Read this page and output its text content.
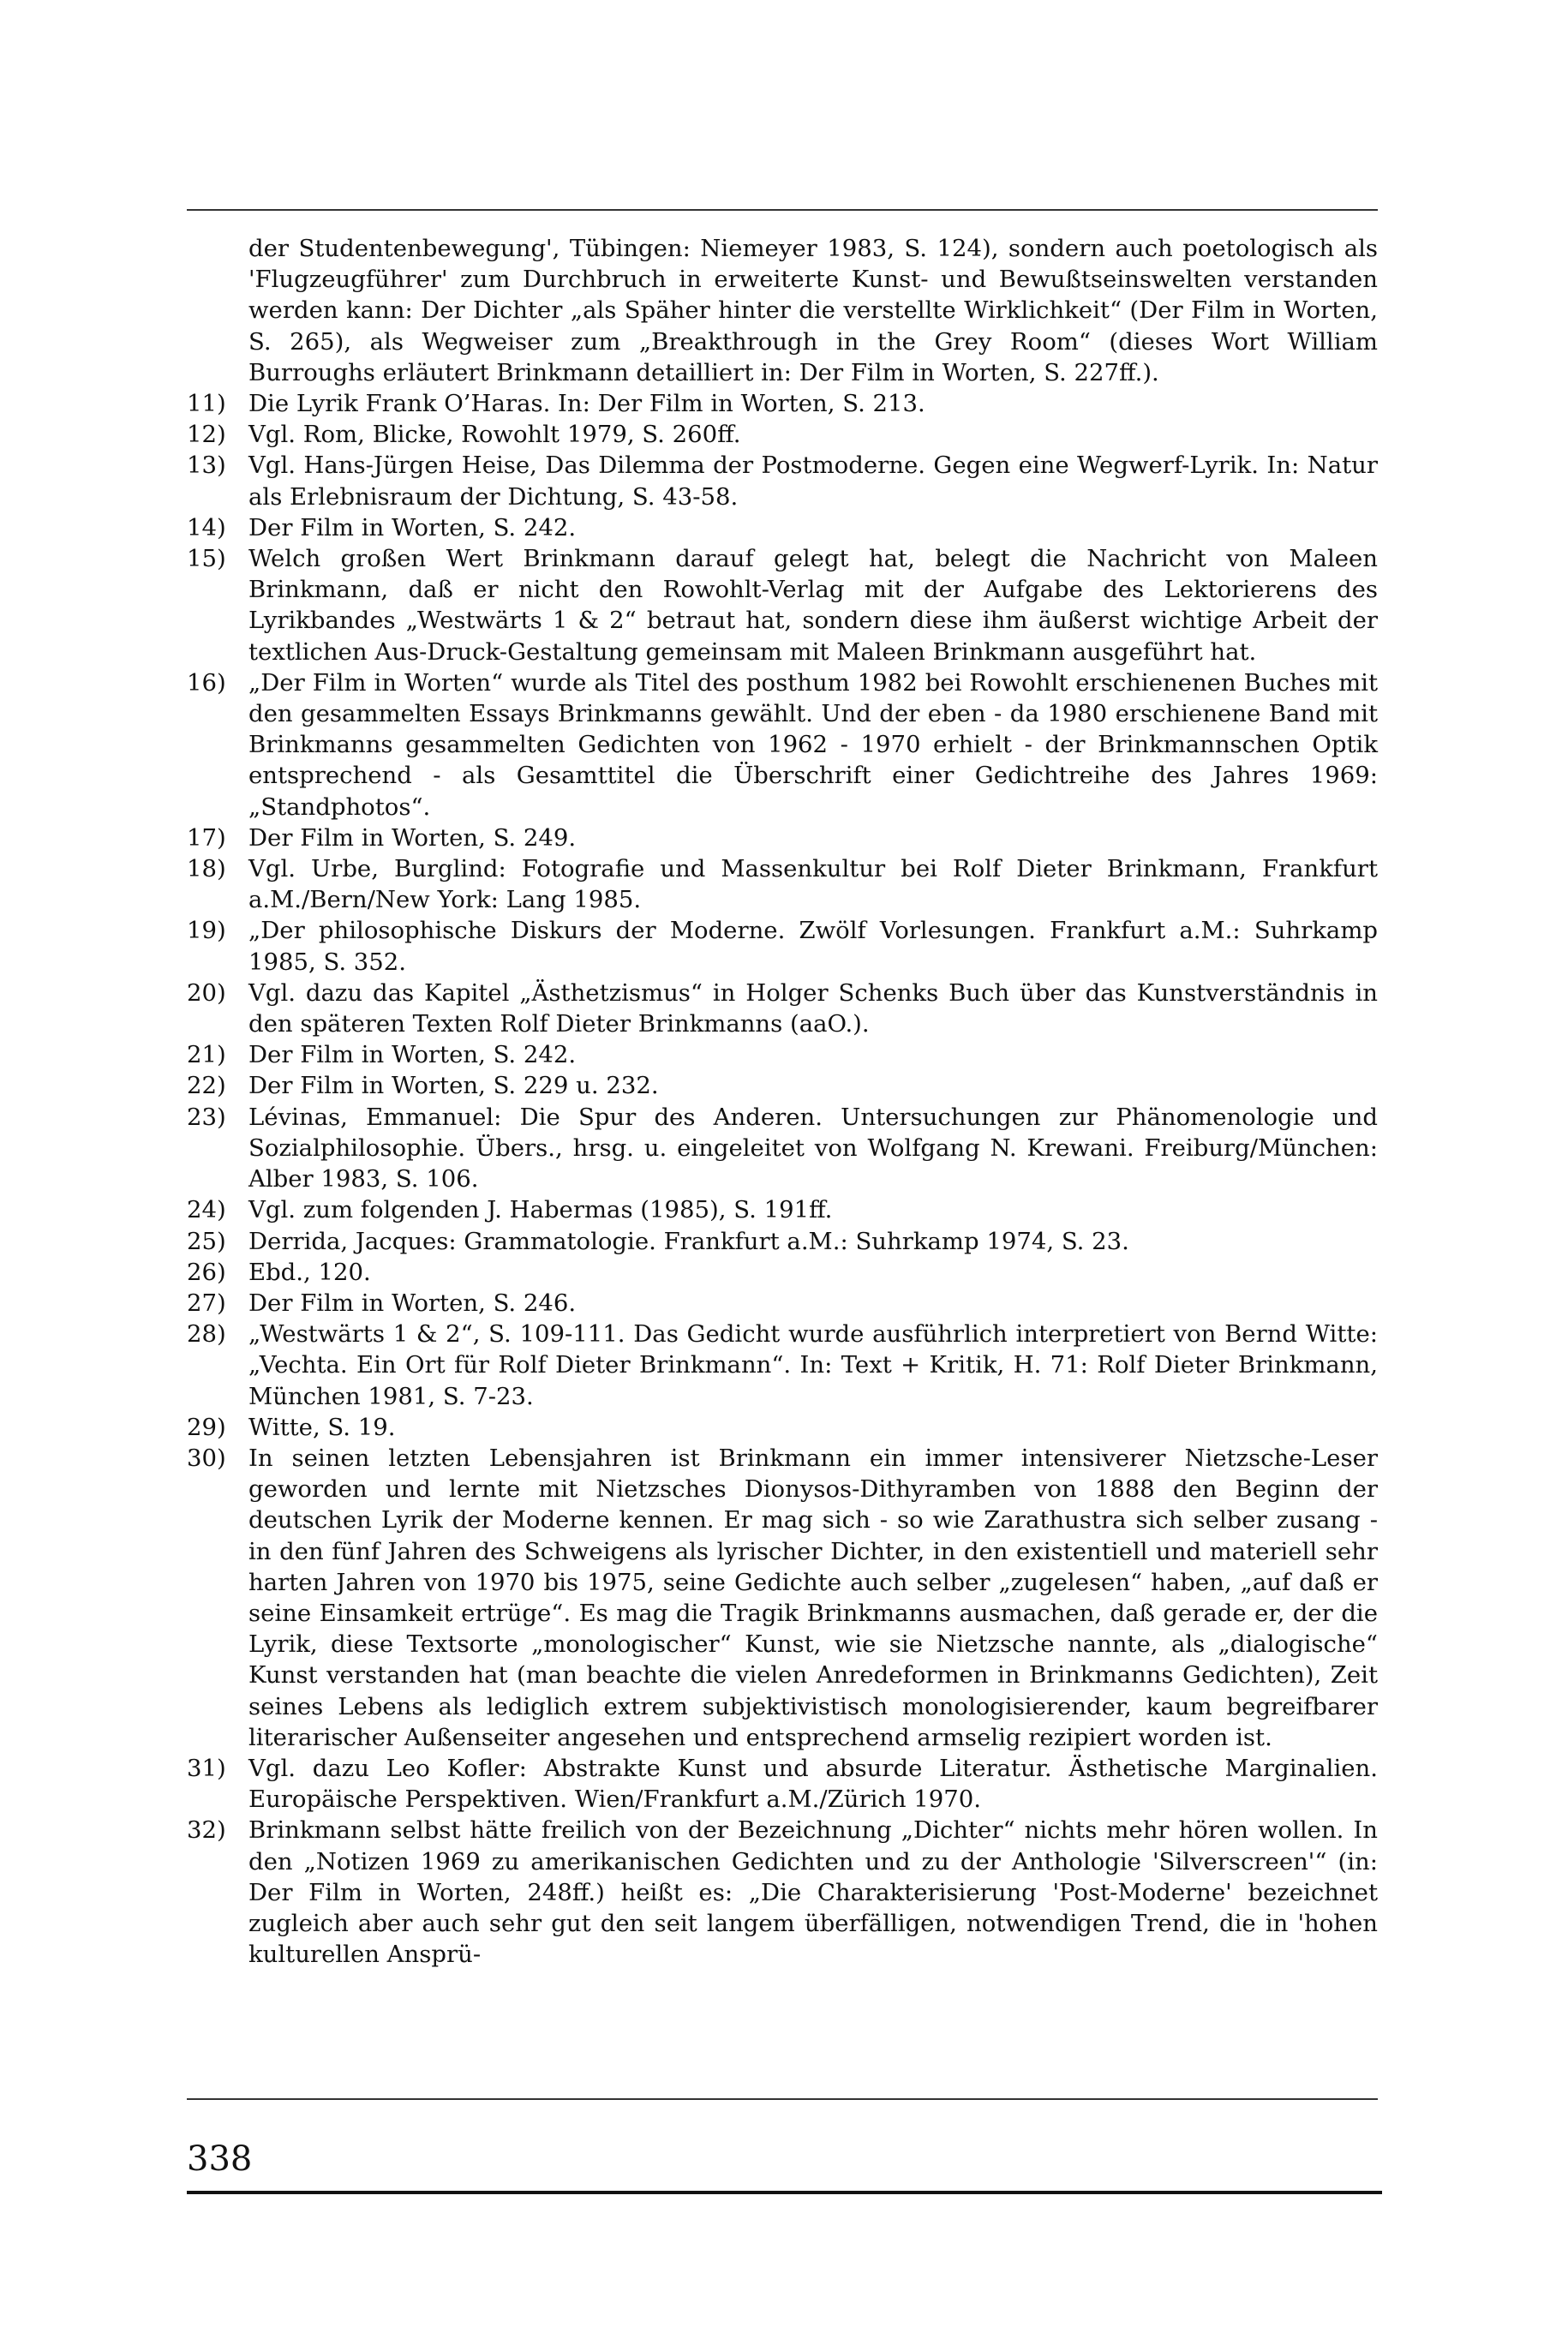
der Studentenbewegung', Tübingen: Niemeyer 1983, S. 124), sondern auch poetologisch als 'Flugzeugführer' zum Durchbruch in erweiterte Kunst- und Bewußtseinswelten verstanden werden kann: Der Dichter „als Späher hinter die verstellte Wirklichkeit“ (Der Film in Worten, S. 265), als Wegweiser zum „Breakthrough in the Grey Room“ (dieses Wort William Burroughs erläutert Brinkmann detailliert in: Der Film in Worten, S. 227ff.).
11) Die Lyrik Frank O’Haras. In: Der Film in Worten, S. 213.
12) Vgl. Rom, Blicke, Rowohlt 1979, S. 260ff.
13) Vgl. Hans-Jürgen Heise, Das Dilemma der Postmoderne. Gegen eine Wegwerf-Lyrik. In: Natur als Erlebnisraum der Dichtung, S. 43-58.
14) Der Film in Worten, S. 242.
15) Welch großen Wert Brinkmann darauf gelegt hat, belegt die Nachricht von Maleen Brinkmann, daß er nicht den Rowohlt-Verlag mit der Aufgabe des Lektorierens des Lyrikbandes „Westwärts 1 & 2“ betraut hat, sondern diese ihm äußerst wichtige Arbeit der textlichen Aus-Druck-Gestaltung gemeinsam mit Maleen Brinkmann ausgeführt hat.
16) „Der Film in Worten“ wurde als Titel des posthum 1982 bei Rowohlt erschienenen Buches mit den gesammelten Essays Brinkmanns gewählt. Und der eben - da 1980 erschienene Band mit Brinkmanns gesammelten Gedichten von 1962 - 1970 erhielt - der Brinkmannschen Optik entsprechend - als Gesamttitel die Überschrift einer Gedichtreihe des Jahres 1969: „Standphotos“.
17) Der Film in Worten, S. 249.
18) Vgl. Urbe, Burglind: Fotografie und Massenkultur bei Rolf Dieter Brinkmann, Frankfurt a.M./Bern/New York: Lang 1985.
19) „Der philosophische Diskurs der Moderne. Zwölf Vorlesungen. Frankfurt a.M.: Suhrkamp 1985, S. 352.
20) Vgl. dazu das Kapitel „Ästhetzismus“ in Holger Schenks Buch über das Kunstverständnis in den späteren Texten Rolf Dieter Brinkmanns (aaO.).
21) Der Film in Worten, S. 242.
22) Der Film in Worten, S. 229 u. 232.
23) Lévinas, Emmanuel: Die Spur des Anderen. Untersuchungen zur Phänomenologie und Sozialphilosophie. Übers., hrsg. u. eingeleitet von Wolfgang N. Krewani. Freiburg/München: Alber 1983, S. 106.
24) Vgl. zum folgenden J. Habermas (1985), S. 191ff.
25) Derrida, Jacques: Grammatologie. Frankfurt a.M.: Suhrkamp 1974, S. 23.
26) Ebd., 120.
27) Der Film in Worten, S. 246.
28) „Westwärts 1 & 2“, S. 109-111. Das Gedicht wurde ausführlich interpretiert von Bernd Witte: „Vechta. Ein Ort für Rolf Dieter Brinkmann“. In: Text + Kritik, H. 71: Rolf Dieter Brinkmann, München 1981, S. 7-23.
29) Witte, S. 19.
30) In seinen letzten Lebensjahren ist Brinkmann ein immer intensiverer Nietzsche-Leser geworden und lernte mit Nietzsches Dionysos-Dithyramben von 1888 den Beginn der deutschen Lyrik der Moderne kennen. Er mag sich - so wie Zarathustra sich selber zusang - in den fünf Jahren des Schweigens als lyrischer Dichter, in den existentiell und materiell sehr harten Jahren von 1970 bis 1975, seine Gedichte auch selber „zugelesen“ haben, „auf daß er seine Einsamkeit ertrüge“. Es mag die Tragik Brinkmanns ausmachen, daß gerade er, der die Lyrik, diese Textsorte „monologischer“ Kunst, wie sie Nietzsche nannte, als „dialogische“ Kunst verstanden hat (man beachte die vielen Anredeformen in Brinkmanns Gedichten), Zeit seines Lebens als lediglich extrem subjektivistisch monologisierender, kaum begreifbarer literarischer Außenseiter angesehen und entsprechend armselig rezipiert worden ist.
31) Vgl. dazu Leo Kofler: Abstrakte Kunst und absurde Literatur. Ästhetische Marginalien. Europäische Perspektiven. Wien/Frankfurt a.M./Zürich 1970.
32) Brinkmann selbst hätte freilich von der Bezeichnung „Dichter“ nichts mehr hören wollen. In den „Notizen 1969 zu amerikanischen Gedichten und zu der Anthologie 'Silverscreen'“ (in: Der Film in Worten, 248ff.) heißt es: „Die Charakterisierung 'Post-Moderne' bezeichnet zugleich aber auch sehr gut den seit langem überfälligen, notwendigen Trend, die in 'hohen kulturellen Ansprü-
338
